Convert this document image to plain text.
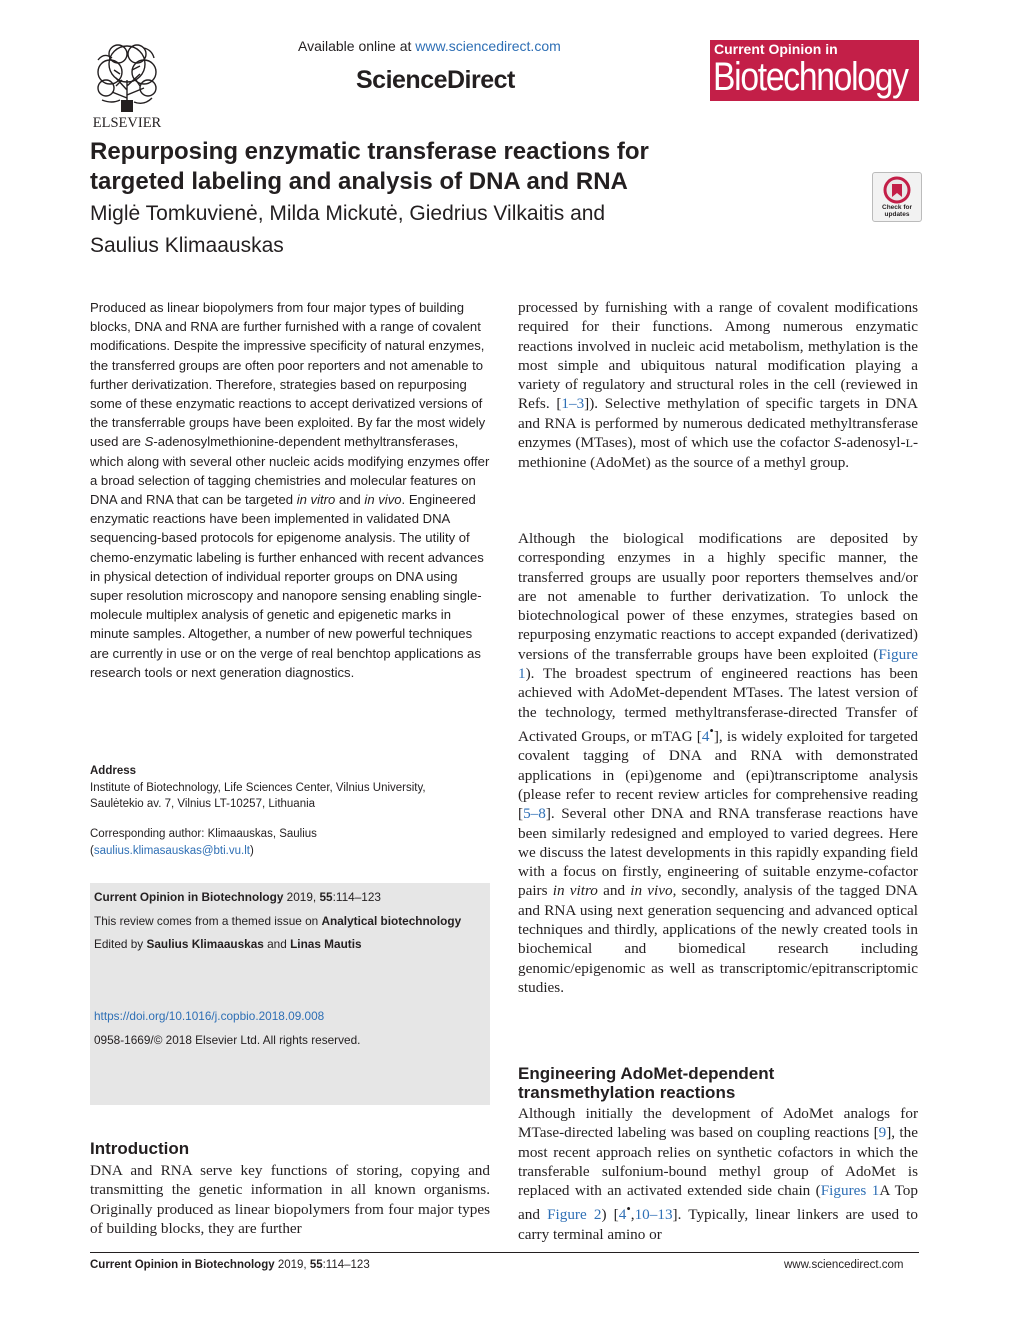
ELSEVIER
Available online at www.sciencedirect.com
ScienceDirect
Current Opinion in
Biotechnology
Repurposing enzymatic transferase reactions for
targeted labeling and analysis of DNA and RNA
Miglė Tomkuvienė, Milda Mickutė, Giedrius Vilkaitis and
Saulius Klimaauskas
Check for
updates
Produced as linear biopolymers from four major types of building blocks, DNA and RNA are further furnished with a range of covalent modifications. Despite the impressive specificity of natural enzymes, the transferred groups are often poor reporters and not amenable to further derivatization. Therefore, strategies based on repurposing some of these enzymatic reactions to accept derivatized versions of the transferrable groups have been exploited. By far the most widely used are S-adenosylmethionine-dependent methyltransferases, which along with several other nucleic acids modifying enzymes offer a broad selection of tagging chemistries and molecular features on DNA and RNA that can be targeted in vitro and in vivo. Engineered enzymatic reactions have been implemented in validated DNA sequencing-based protocols for epigenome analysis. The utility of chemo-enzymatic labeling is further enhanced with recent advances in physical detection of individual reporter groups on DNA using super resolution microscopy and nanopore sensing enabling single-molecule multiplex analysis of genetic and epigenetic marks in minute samples. Altogether, a number of new powerful techniques are currently in use or on the verge of real benchtop applications as research tools or next generation diagnostics.
Address
Institute of Biotechnology, Life Sciences Center, Vilnius University,
Saulėtekio av. 7, Vilnius LT-10257, Lithuania
Corresponding author: Klimaauskas, Saulius
(saulius.klimasauskas@bti.vu.lt)
Current Opinion in Biotechnology 2019, 55:114–123
This review comes from a themed issue on Analytical biotechnology
Edited by Saulius Klimaauskas and Linas Mautis
https://doi.org/10.1016/j.copbio.2018.09.008
0958-1669/© 2018 Elsevier Ltd. All rights reserved.
Introduction
DNA and RNA serve key functions of storing, copying and transmitting the genetic information in all known organisms. Originally produced as linear biopolymers from four major types of building blocks, they are further
processed by furnishing with a range of covalent modifications required for their functions. Among numerous enzymatic reactions involved in nucleic acid metabolism, methylation is the most simple and ubiquitous natural modification playing a variety of regulatory and structural roles in the cell (reviewed in Refs. [1–3]). Selective methylation of specific targets in DNA and RNA is performed by numerous dedicated methyltransferase enzymes (MTases), most of which use the cofactor S-adenosyl-L-methionine (AdoMet) as the source of a methyl group.
Although the biological modifications are deposited by corresponding enzymes in a highly specific manner, the transferred groups are usually poor reporters themselves and/or are not amenable to further derivatization. To unlock the biotechnological power of these enzymes, strategies based on repurposing enzymatic reactions to accept expanded (derivatized) versions of the transferrable groups have been exploited (Figure 1). The broadest spectrum of engineered reactions has been achieved with AdoMet-dependent MTases. The latest version of the technology, termed methyltransferase-directed Transfer of Activated Groups, or mTAG [4•], is widely exploited for targeted covalent tagging of DNA and RNA with demonstrated applications in (epi)genome and (epi)transcriptome analysis (please refer to recent review articles for comprehensive reading [5–8]. Several other DNA and RNA transferase reactions have been similarly redesigned and employed to varied degrees. Here we discuss the latest developments in this rapidly expanding field with a focus on firstly, engineering of suitable enzyme-cofactor pairs in vitro and in vivo, secondly, analysis of the tagged DNA and RNA using next generation sequencing and advanced optical techniques and thirdly, applications of the newly created tools in biochemical and biomedical research including genomic/epigenomic as well as transcriptomic/epitranscriptomic studies.
Engineering AdoMet-dependent
transmethylation reactions
Although initially the development of AdoMet analogs for MTase-directed labeling was based on coupling reactions [9], the most recent approach relies on synthetic cofactors in which the transferable sulfonium-bound methyl group of AdoMet is replaced with an activated extended side chain (Figures 1A Top and Figure 2) [4•,10–13]. Typically, linear linkers are used to carry terminal amino or
Current Opinion in Biotechnology 2019, 55:114–123	www.sciencedirect.com
